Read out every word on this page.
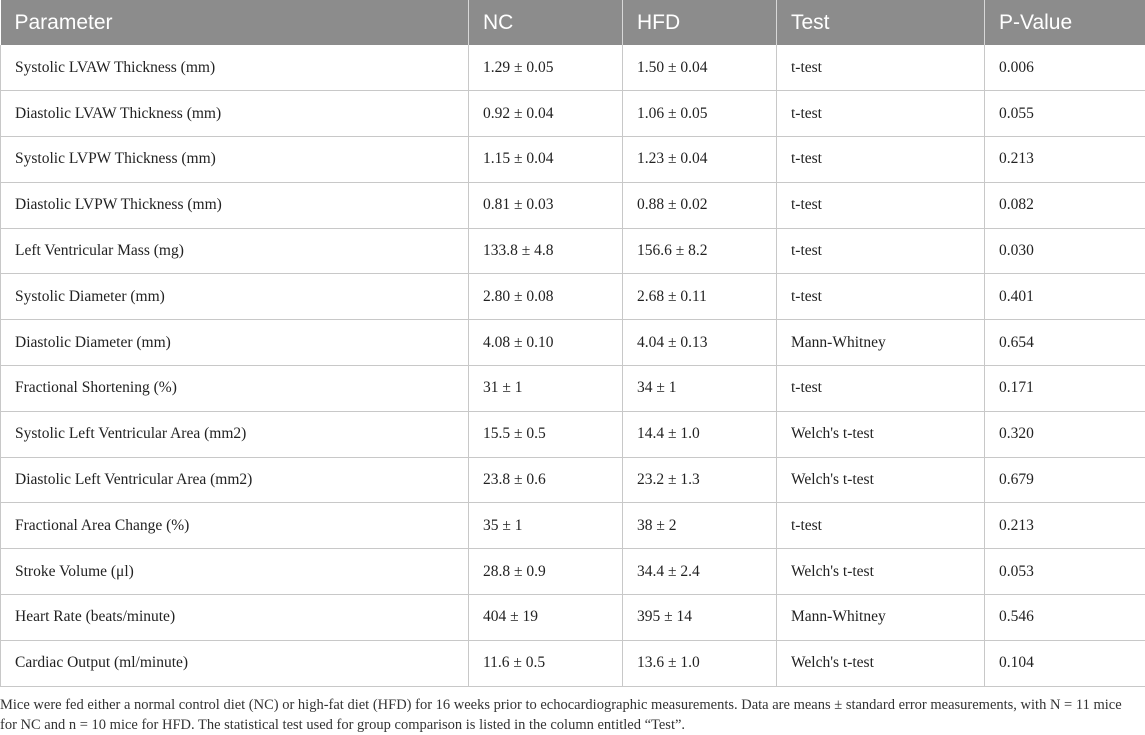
Parameter	NC	HFD	Test	P-Value
Systolic LVAW Thickness (mm)	1.29 ± 0.05	1.50 ± 0.04	t-test	0.006
Diastolic LVAW Thickness (mm)	0.92 ± 0.04	1.06 ± 0.05	t-test	0.055
Systolic LVPW Thickness (mm)	1.15 ± 0.04	1.23 ± 0.04	t-test	0.213
Diastolic LVPW Thickness (mm)	0.81 ± 0.03	0.88 ± 0.02	t-test	0.082
Left Ventricular Mass (mg)	133.8 ± 4.8	156.6 ± 8.2	t-test	0.030
Systolic Diameter (mm)	2.80 ± 0.08	2.68 ± 0.11	t-test	0.401
Diastolic Diameter (mm)	4.08 ± 0.10	4.04 ± 0.13	Mann-Whitney	0.654
Fractional Shortening (%)	31 ± 1	34 ± 1	t-test	0.171
Systolic Left Ventricular Area (mm2)	15.5 ± 0.5	14.4 ± 1.0	Welch's t-test	0.320
Diastolic Left Ventricular Area (mm2)	23.8 ± 0.6	23.2 ± 1.3	Welch's t-test	0.679
Fractional Area Change (%)	35 ± 1	38 ± 2	t-test	0.213
Stroke Volume (μl)	28.8 ± 0.9	34.4 ± 2.4	Welch's t-test	0.053
Heart Rate (beats/minute)	404 ± 19	395 ± 14	Mann-Whitney	0.546
Cardiac Output (ml/minute)	11.6 ± 0.5	13.6 ± 1.0	Welch's t-test	0.104

Mice were fed either a normal control diet (NC) or high-fat diet (HFD) for 16 weeks prior to echocardiographic measurements. Data are means ± standard error measurements, with N = 11 mice for NC and n = 10 mice for HFD. The statistical test used for group comparison is listed in the column entitled “Test”.
